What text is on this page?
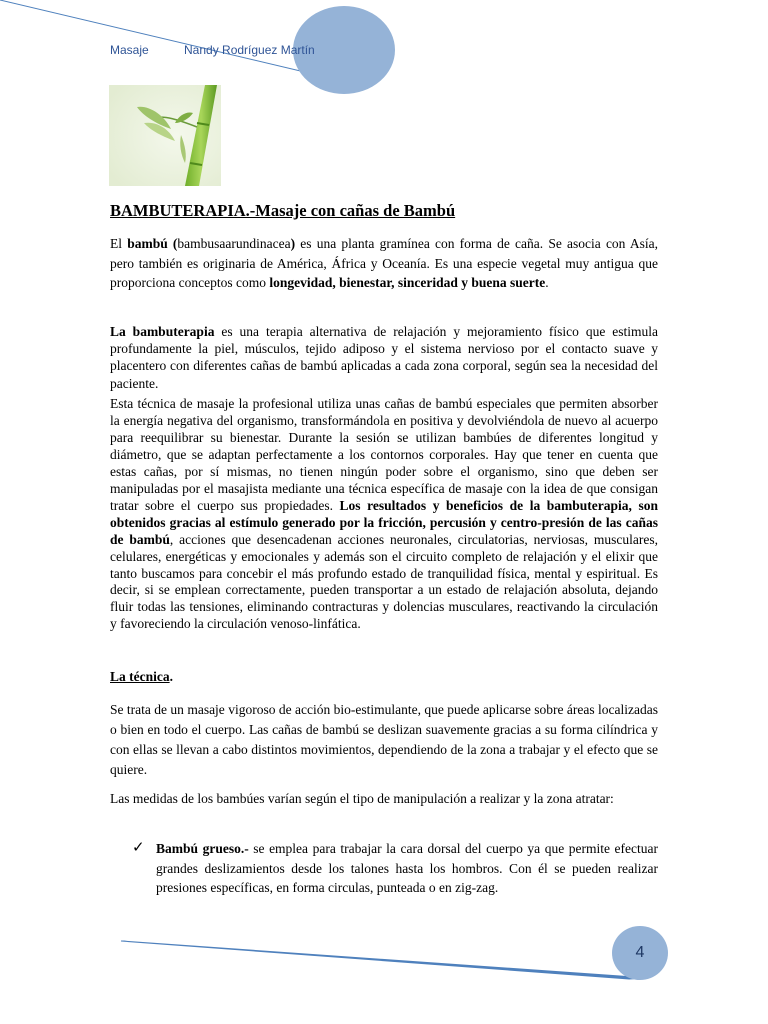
Masaje	Nandy Rodríguez Martín
BAMBUTERAPIA.-Masaje con cañas de Bambú
El bambú (bambusaarundinacea) es una planta gramínea con forma de caña. Se asocia con Asía, pero también es originaria de América, África y Oceanía. Es una especie vegetal muy antigua que proporciona conceptos como longevidad, bienestar, sinceridad y buena suerte.
La bambuterapia es una terapia alternativa de relajación y mejoramiento físico que estimula profundamente la piel, músculos, tejido adiposo y el sistema nervioso por el contacto suave y placentero con diferentes cañas de bambú aplicadas a cada zona corporal, según sea la necesidad del paciente.
Esta técnica de masaje la profesional utiliza unas cañas de bambú especiales que permiten absorber la energía negativa del organismo, transformándola en positiva y devolviéndola de nuevo al acuerpo para reequilibrar su bienestar. Durante la sesión se utilizan bambúes de diferentes longitud y diámetro, que se adaptan perfectamente a los contornos corporales. Hay que tener en cuenta que estas cañas, por sí mismas, no tienen ningún poder sobre el organismo, sino que deben ser manipuladas por el masajista mediante una técnica específica de masaje con la idea de que consigan tratar sobre el cuerpo sus propiedades. Los resultados y beneficios de la bambuterapia, son obtenidos gracias al estímulo generado por la fricción, percusión y centro-presión de las cañas de bambú, acciones que desencadenan acciones neuronales, circulatorias, nerviosas, musculares, celulares, energéticas y emocionales y además son el circuito completo de relajación y el elixir que tanto buscamos para concebir el más profundo estado de tranquilidad física, mental y espiritual. Es decir, si se emplean correctamente, pueden transportar a un estado de relajación absoluta, dejando fluir todas las tensiones, eliminando contracturas y dolencias musculares, reactivando la circulación y favoreciendo la circulación venoso-linfática.
La técnica.
Se trata de un masaje vigoroso de acción bio-estimulante, que puede aplicarse sobre áreas localizadas o bien en todo el cuerpo. Las cañas de bambú se deslizan suavemente gracias a su forma cilíndrica y con ellas se llevan a cabo distintos movimientos, dependiendo de la zona a trabajar y el efecto que se quiere.
Las medidas de los bambúes varían según el tipo de manipulación a realizar y la zona atratar:
✓ Bambú grueso.- se emplea para trabajar la cara dorsal del cuerpo ya que permite efectuar grandes deslizamientos desde los talones hasta los hombros. Con él se pueden realizar presiones específicas, en forma circulas, punteada o en zig-zag.
4
